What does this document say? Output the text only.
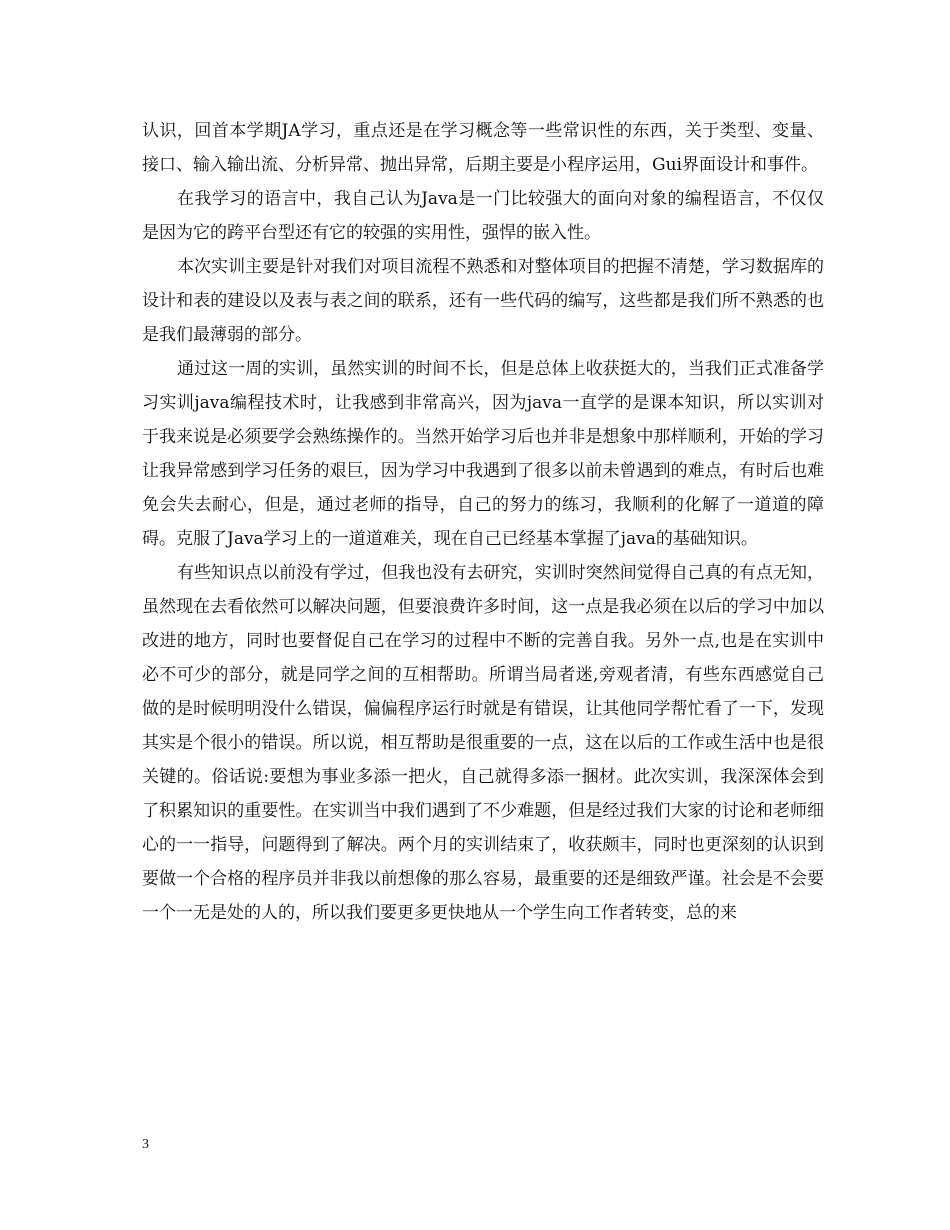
认识，回首本学期JA学习，重点还是在学习概念等一些常识性的东西，关于类型、变量、接口、输入输出流、分析异常、抛出异常，后期主要是小程序运用，Gui界面设计和事件。

在我学习的语言中，我自己认为Java是一门比较强大的面向对象的编程语言，不仅仅是因为它的跨平台型还有它的较强的实用性，强悍的嵌入性。

本次实训主要是针对我们对项目流程不熟悉和对整体项目的把握不清楚，学习数据库的设计和表的建设以及表与表之间的联系，还有一些代码的编写，这些都是我们所不熟悉的也是我们最薄弱的部分。

通过这一周的实训，虽然实训的时间不长，但是总体上收获挺大的，当我们正式准备学习实训java编程技术时，让我感到非常高兴，因为java一直学的是课本知识，所以实训对于我来说是必须要学会熟练操作的。当然开始学习后也并非是想象中那样顺利，开始的学习让我异常感到学习任务的艰巨，因为学习中我遇到了很多以前未曾遇到的难点，有时后也难免会失去耐心，但是，通过老师的指导，自己的努力的练习，我顺利的化解了一道道的障碍。克服了Java学习上的一道道难关，现在自己已经基本掌握了java的基础知识。

有些知识点以前没有学过，但我也没有去研究，实训时突然间觉得自己真的有点无知，虽然现在去看依然可以解决问题，但要浪费许多时间，这一点是我必须在以后的学习中加以改进的地方，同时也要督促自己在学习的过程中不断的完善自我。另外一点,也是在实训中必不可少的部分，就是同学之间的互相帮助。所谓当局者迷,旁观者清，有些东西感觉自己做的是时候明明没什么错误，偏偏程序运行时就是有错误，让其他同学帮忙看了一下，发现其实是个很小的错误。所以说，相互帮助是很重要的一点，这在以后的工作或生活中也是很关键的。俗话说:要想为事业多添一把火，自己就得多添一捆材。此次实训，我深深体会到了积累知识的重要性。在实训当中我们遇到了不少难题，但是经过我们大家的讨论和老师细心的一一指导，问题得到了解决。两个月的实训结束了，收获颇丰，同时也更深刻的认识到要做一个合格的程序员并非我以前想像的那么容易，最重要的还是细致严谨。社会是不会要一个一无是处的人的，所以我们要更多更快地从一个学生向工作者转变，总的来

3
